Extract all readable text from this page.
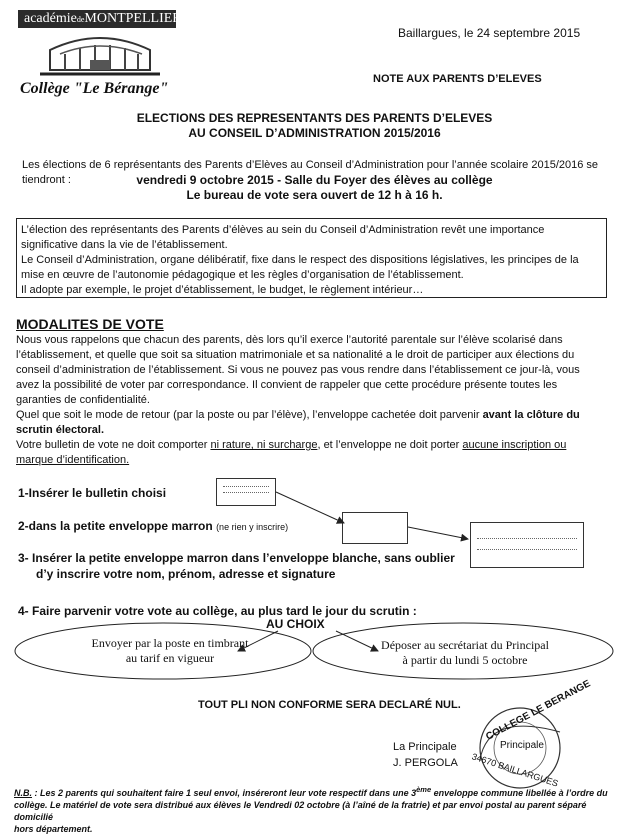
académiedeMONTPELLIER
Collège "Le Bérange"
Baillargues, le 24 septembre 2015
NOTE AUX PARENTS D’ELEVES
ELECTIONS DES REPRESENTANTS DES PARENTS D’ELEVES
AU CONSEIL D’ADMINISTRATION 2015/2016
Les élections de 6 représentants des Parents d’Elèves au Conseil d’Administration pour l’année scolaire 2015/2016 se
tiendront :	vendredi 9 octobre 2015 - Salle du Foyer des élèves au collège
Le bureau de vote sera ouvert de 12 h à 16 h.

L’élection des représentants des Parents d’élèves au sein du Conseil d’Administration revêt une importance

significative dans la vie de l’établissement.

Le Conseil d’Administration, organe délibératif, fixe dans le respect des dispositions législatives, les principes de la

mise en œuvre de l’autonomie pédagogique et les règles d’organisation de l’établissement.

Il adopte par exemple, le projet d’établissement, le budget, le règlement intérieur…

MODALITES DE VOTE
Nous vous rappelons que chacun des parents, dès lors qu’il exerce l’autorité parentale sur l’élève scolarisé dans
l’établissement, et quelle que soit sa situation matrimoniale et sa nationalité a le droit de participer aux élections du
conseil d’administration de l’établissement. Si vous ne pouvez pas vous rendre dans l’établissement ce jour-là, vous
avez la possibilité de voter par correspondance. Il convient de rappeler que cette procédure présente toutes les
garanties de confidentialité.
Quel que soit le mode de retour (par la poste ou par l’élève), l’enveloppe cachetée doit parvenir avant la clôture du
scrutin électoral.
Votre bulletin de vote ne doit comporter ni rature, ni surcharge, et l’enveloppe ne doit porter aucune inscription ou
marque d’identification.
1-Insérer le bulletin choisi
2-dans la petite enveloppe marron (ne rien y inscrire)
3- Insérer la petite enveloppe marron dans l’enveloppe blanche, sans oublier
d’y inscrire votre nom, prénom, adresse et signature
4- Faire parvenir votre vote au collège, au plus tard le jour du scrutin :
AU CHOIX
Envoyer par la poste en timbrant
au tarif en vigueur
Déposer au secrétariat du Principal
à partir du lundi 5 octobre
TOUT PLI NON CONFORME SERA DECLARÉ NUL.
La Principale
J. PERGOLA
COLLEGE LE BERANGE
Principale
34670 BAILLARGUES
N.B. : Les 2 parents qui souhaitent faire 1 seul envoi, inséreront leur vote respectif dans une 3ème enveloppe commune libellée à l’ordre du
collège. Le matériel de vote sera distribué aux élèves le Vendredi 02 octobre (à l’aîné de la fratrie) et par envoi postal au parent séparé domicilié
hors département.
